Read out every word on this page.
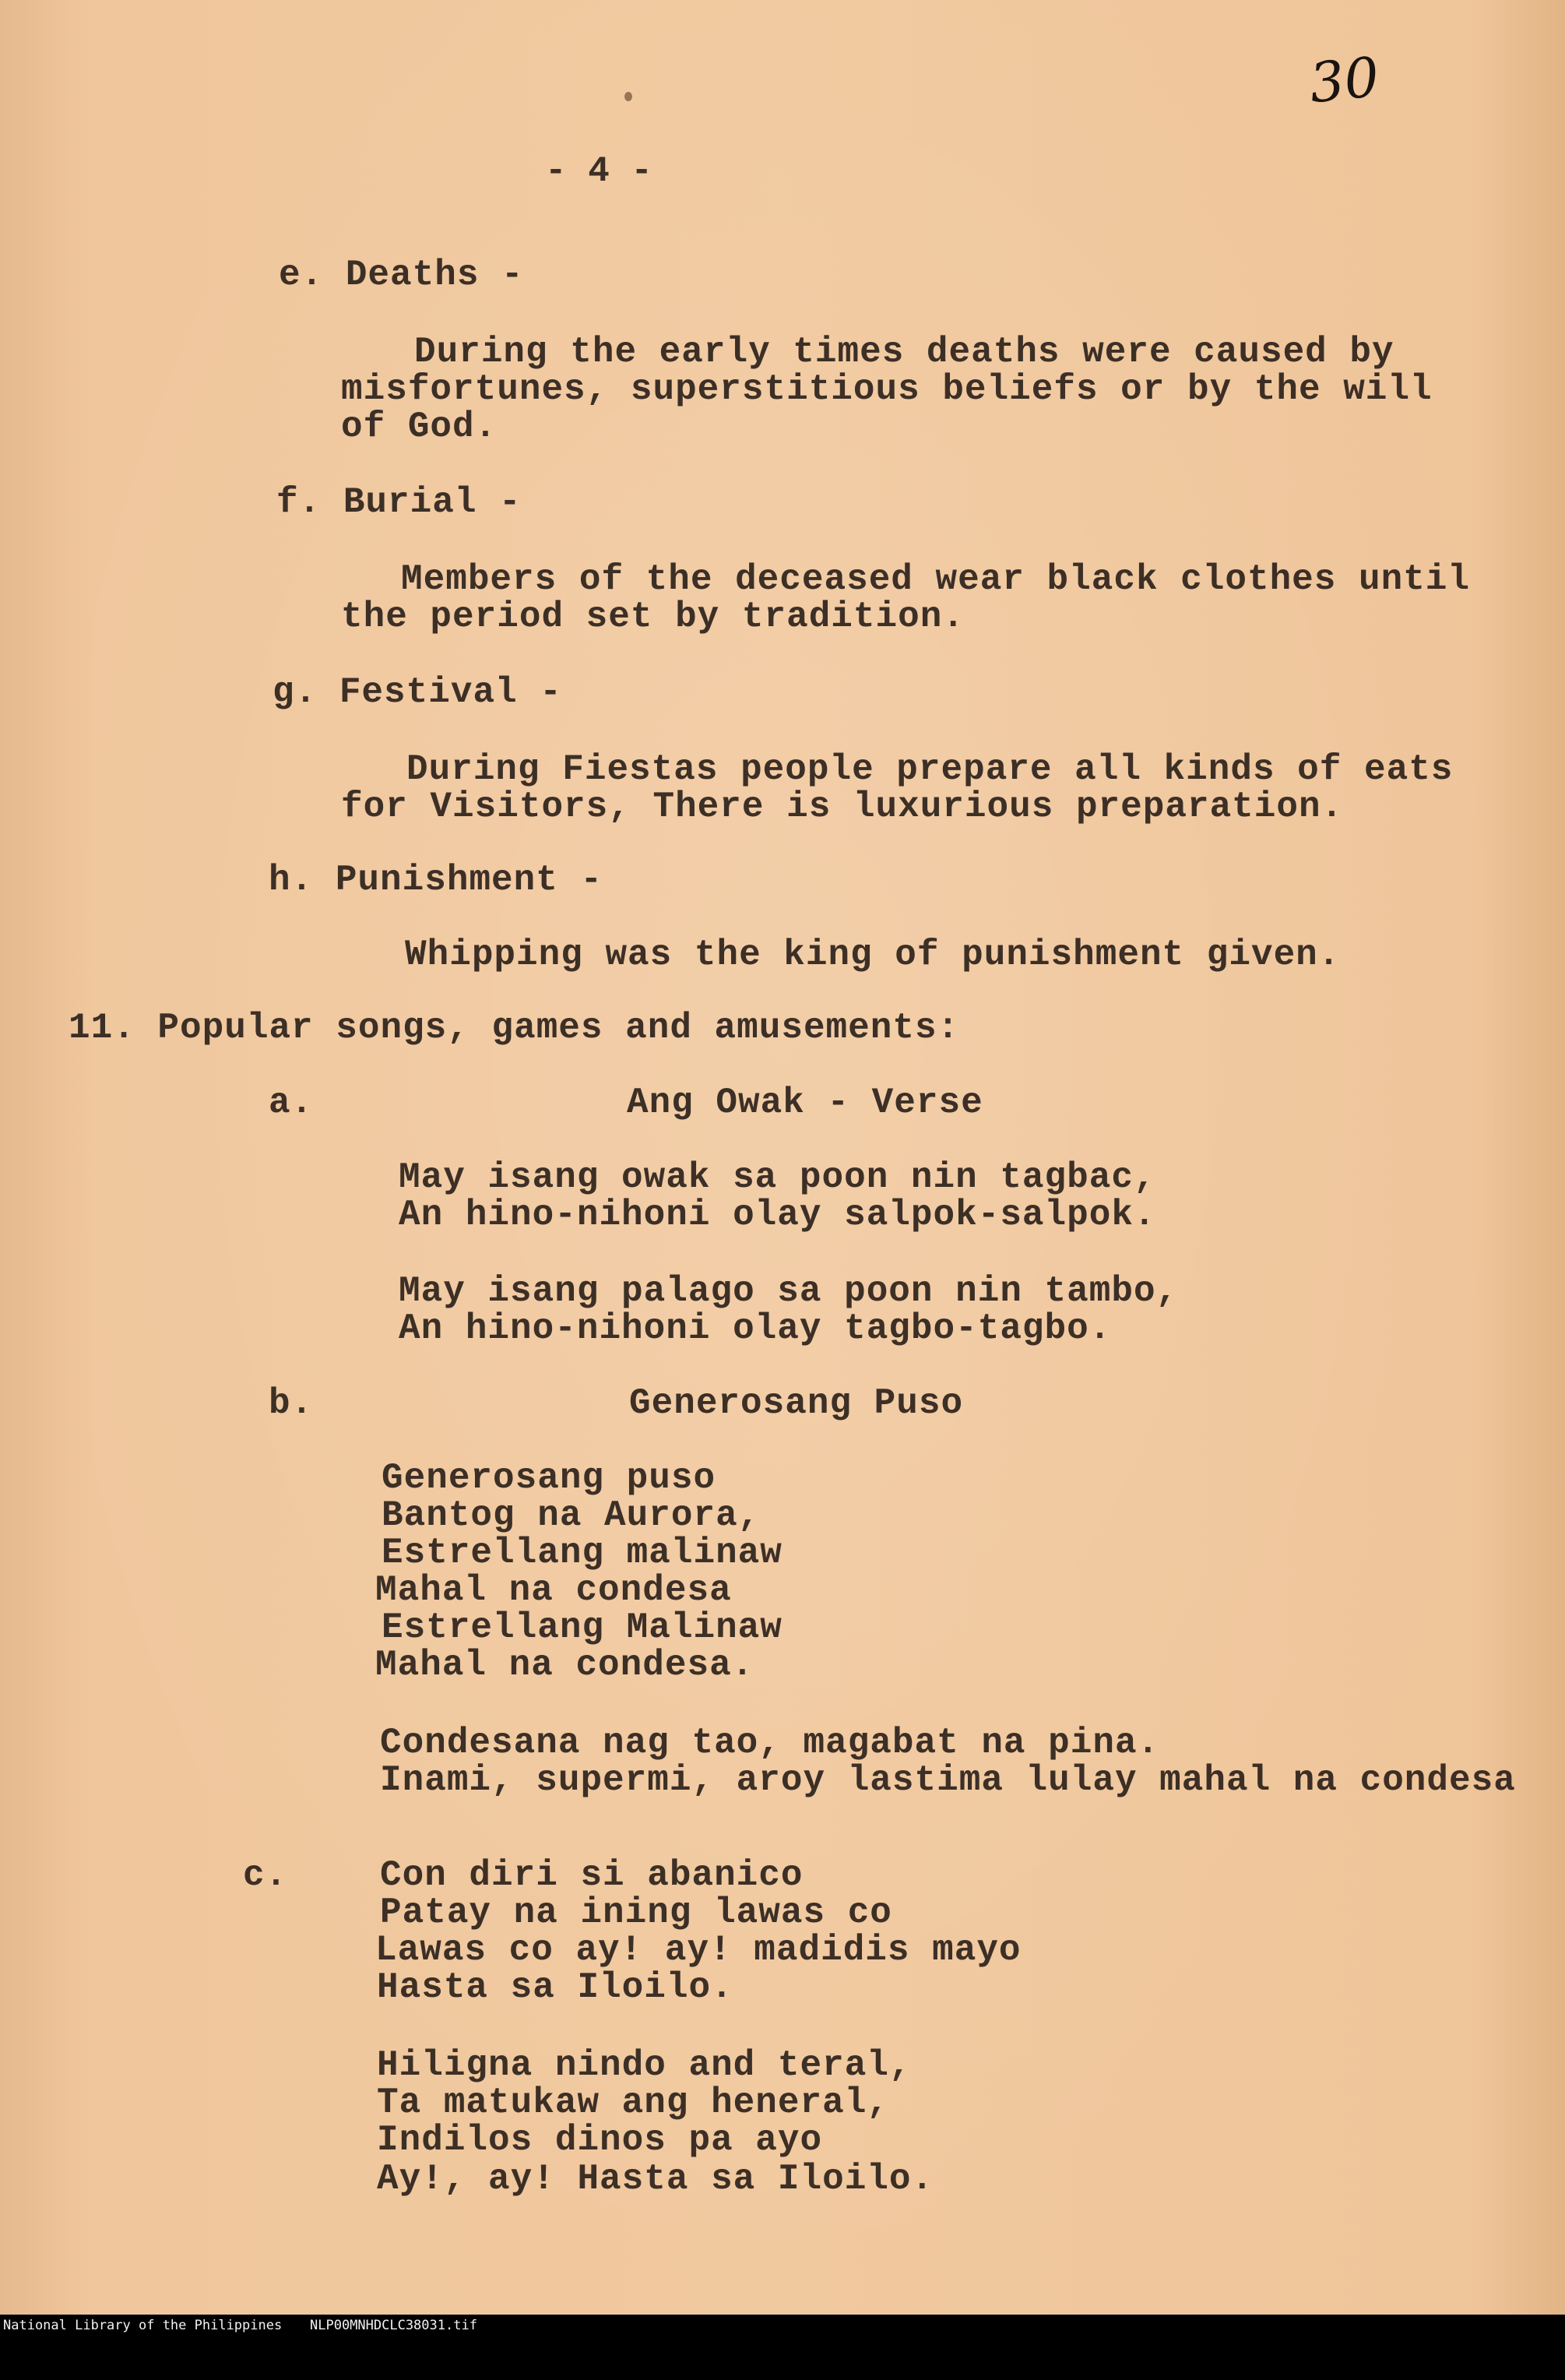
30
- 4 -
e. Deaths -
During the early times deaths were caused by
misfortunes, superstitious beliefs or by the will
of God.
f. Burial -
Members of the deceased wear black clothes until
the period set by tradition.
g. Festival -
During Fiestas people prepare all kinds of eats
for Visitors, There is luxurious preparation.
h. Punishment -
Whipping was the king of punishment given.
11. Popular songs, games and amusements:
a.	Ang Owak - Verse
May isang owak sa poon nin tagbac,
An hino-nihoni olay salpok-salpok.
May isang palago sa poon nin tambo,
An hino-nihoni olay tagbo-tagbo.
b.	Generosang Puso
Generosang puso
Bantog na Aurora,
Estrellang malinaw
Mahal na condesa
Estrellang Malinaw
Mahal na condesa.
Condesana nag tao, magabat na pina.
Inami, supermi, aroy lastima lulay mahal na condesa
c.	Con diri si abanico
Patay na ining lawas co
Lawas co ay! ay! madidis mayo
Hasta sa Iloilo.
Hiligna nindo and teral,
Ta matukaw ang heneral,
Indilos dinos pa ayo
Ay!, ay! Hasta sa Iloilo.

National Library of the Philippines

NLP00MNHDCLC38031.tif
